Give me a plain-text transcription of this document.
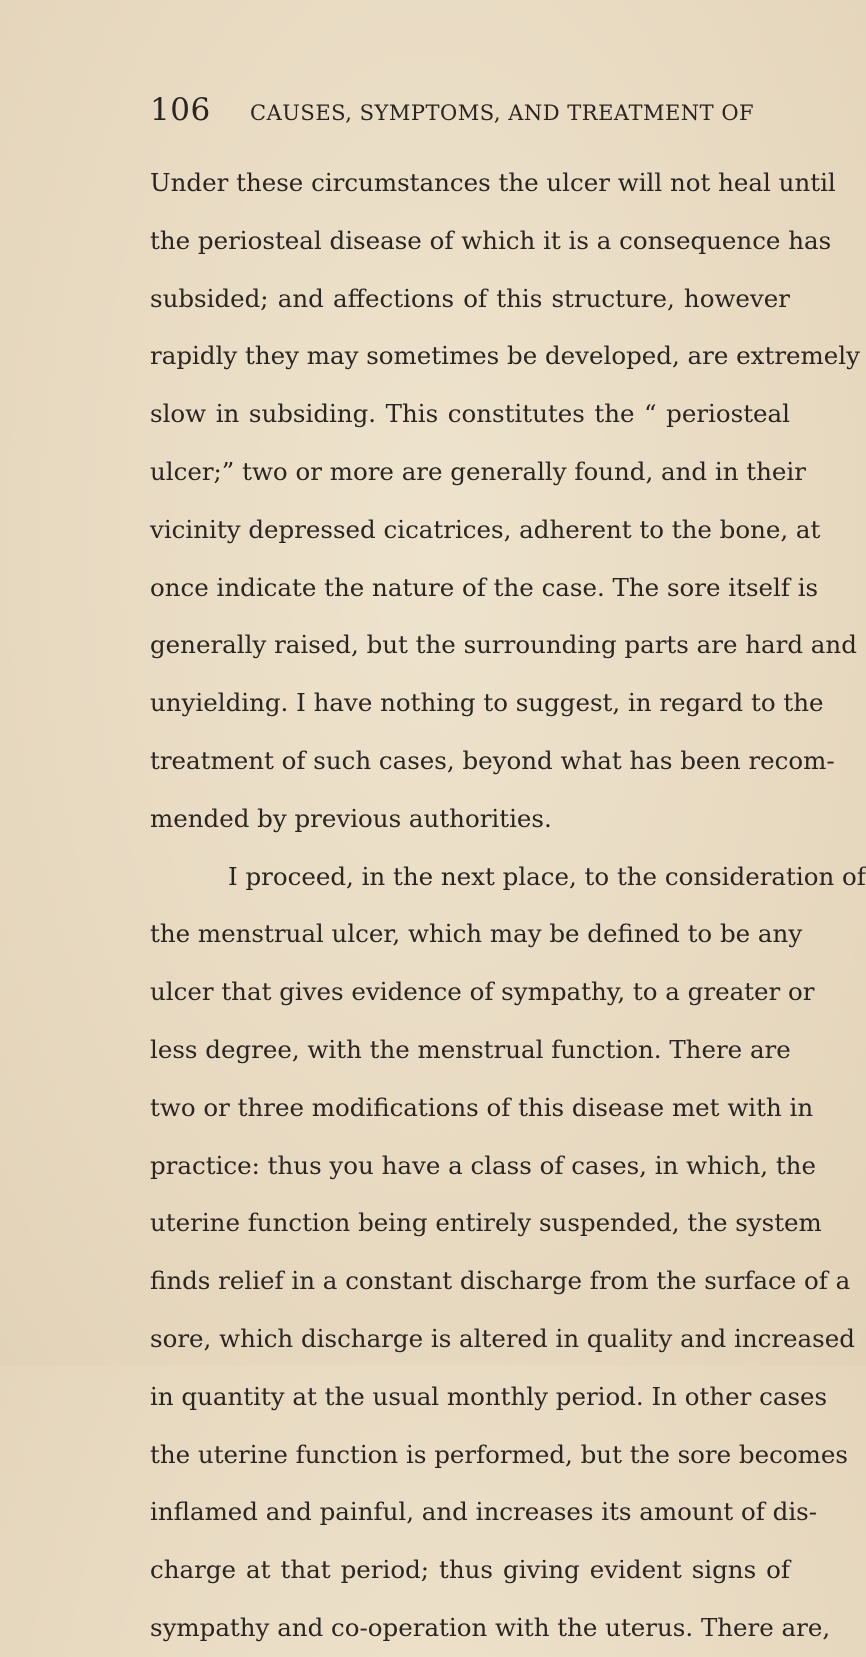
106	CAUSES, SYMPTOMS, AND TREATMENT OF
Under these circumstances the ulcer will not heal until
the periosteal disease of which it is a consequence has
subsided; and affections of this structure, however
rapidly they may sometimes be developed, are extremely
slow in subsiding. This constitutes the “ periosteal
ulcer;” two or more are generally found, and in their
vicinity depressed cicatrices, adherent to the bone, at
once indicate the nature of the case. The sore itself is
generally raised, but the surrounding parts are hard and
unyielding. I have nothing to suggest, in regard to the
treatment of such cases, beyond what has been recom-
mended by previous authorities.
I proceed, in the next place, to the consideration of
the menstrual ulcer, which may be defined to be any
ulcer that gives evidence of sympathy, to a greater or
less degree, with the menstrual function. There are
two or three modifications of this disease met with in
practice: thus you have a class of cases, in which, the
uterine function being entirely suspended, the system
finds relief in a constant discharge from the surface of a
sore, which discharge is altered in quality and increased
in quantity at the usual monthly period. In other cases
the uterine function is performed, but the sore becomes
inflamed and painful, and increases its amount of dis-
charge at that period; thus giving evident signs of
sympathy and co-operation with the uterus. There are,
